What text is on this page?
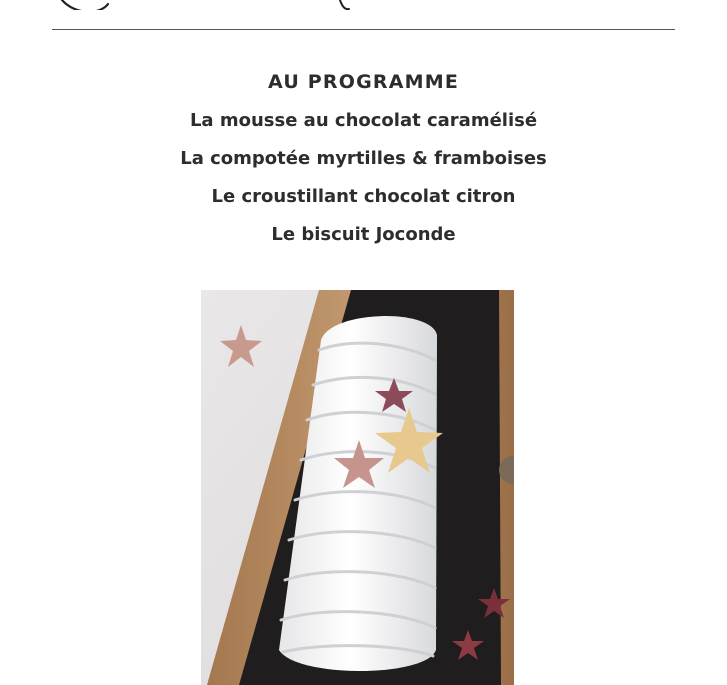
AU PROGRAMME
La mousse au chocolat caramélisé
La compotée myrtilles & framboises
Le croustillant chocolat citron
Le biscuit Joconde
